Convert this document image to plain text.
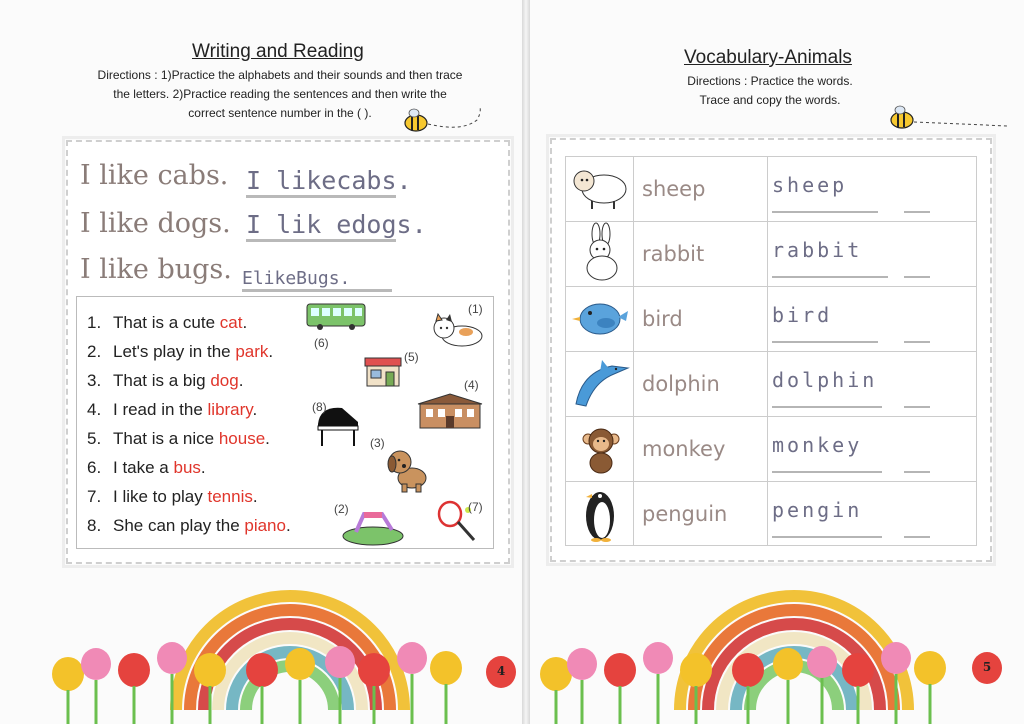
Writing and Reading
Directions : 1)Practice the alphabets and their sounds and then trace
the letters. 2)Practice reading the sentences and then write the
correct sentence number in the ( ).
I like cabs. I likecabs.
I like dogs. I lik edogs.
I like bugs. ElikeBugs.
1. That is a cute cat.
2. Let's play in the park.
3. That is a big dog.
4. I read in the library.
5. That is a nice house.
6. I take a bus.
7. I like to play tennis.
8. She can play the piano.
(6)
(1)
(5)
(4)
(8)
(3)
(2)	(7)
4
Vocabulary-Animals
Directions : Practice the words.
Trace and copy the words.
sheep	sheep
rabbit	rabbit
bird	bird
dolphin	dolphin
monkey monkey
penguin pengin
5
